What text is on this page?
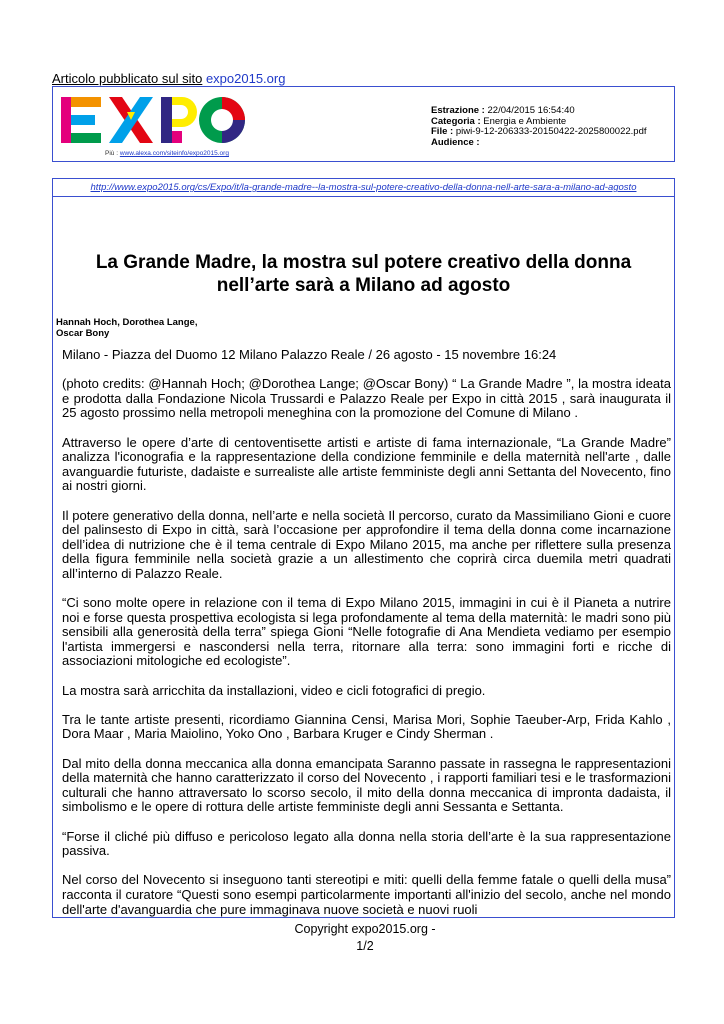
Articolo pubblicato sul sito expo2015.org
Più : www.alexa.com/siteinfo/expo2015.org
Estrazione : 22/04/2015 16:54:40
Categoria : Energia e Ambiente
File : piwi-9-12-206333-20150422-2025800022.pdf
Audience :
http://www.expo2015.org/cs/Expo/it/la-grande-madre--la-mostra-sul-potere-creativo-della-donna-nell-arte-sara-a-milano-ad-agosto
La Grande Madre, la mostra sul potere creativo della donna
nell’arte sarà a Milano ad agosto
Hannah Hoch, Dorothea Lange,
Oscar Bony

Milano - Piazza del Duomo 12 Milano Palazzo Reale / 26 agosto - 15 novembre 16:24

(photo credits: @Hannah Hoch; @Dorothea Lange; @Oscar Bony) “ La Grande Madre ”, la mostra ideata e prodotta dalla Fondazione Nicola Trussardi e Palazzo Reale per Expo in città 2015 , sarà inaugurata il 25 agosto prossimo nella metropoli meneghina con la promozione del Comune di Milano .

Attraverso le opere d’arte di centoventisette artisti e artiste di fama internazionale, “La Grande Madre” analizza l'iconografia e la rappresentazione della condizione femminile e della maternità nell'arte , dalle avanguardie futuriste, dadaiste e surrealiste alle artiste femministe degli anni Settanta del Novecento, fino ai nostri giorni.

Il potere generativo della donna, nell’arte e nella società Il percorso, curato da Massimiliano Gioni e cuore del palinsesto di Expo in città, sarà l’occasione per approfondire il tema della donna come incarnazione dell’idea di nutrizione che è il tema centrale di Expo Milano 2015, ma anche per riflettere sulla presenza della figura femminile nella società grazie a un allestimento che coprirà circa duemila metri quadrati all’interno di Palazzo Reale.

“Ci sono molte opere in relazione con il tema di Expo Milano 2015, immagini in cui è il Pianeta a nutrire noi e forse questa prospettiva ecologista si lega profondamente al tema della maternità: le madri sono più sensibili alla generosità della terra” spiega Gioni “Nelle fotografie di Ana Mendieta vediamo per esempio l'artista immergersi e nascondersi nella terra, ritornare alla terra: sono immagini forti e ricche di associazioni mitologiche ed ecologiste”.

La mostra sarà arricchita da installazioni, video e cicli fotografici di pregio.

Tra le tante artiste presenti, ricordiamo Giannina Censi, Marisa Mori, Sophie Taeuber-Arp, Frida Kahlo , Dora Maar , Maria Maiolino, Yoko Ono , Barbara Kruger e Cindy Sherman .

Dal mito della donna meccanica alla donna emancipata Saranno passate in rassegna le rappresentazioni della maternità che hanno caratterizzato il corso del Novecento , i rapporti familiari tesi e le trasformazioni culturali che hanno attraversato lo scorso secolo, il mito della donna meccanica di impronta dadaista, il simbolismo e le opere di rottura delle artiste femministe degli anni Sessanta e Settanta.

“Forse il cliché più diffuso e pericoloso legato alla donna nella storia dell’arte è la sua rappresentazione passiva.

Nel corso del Novecento si inseguono tanti stereotipi e miti: quelli della femme fatale o quelli della musa” racconta il curatore “Questi sono esempi particolarmente importanti all'inizio del secolo, anche nel mondo dell'arte d'avanguardia che pure immaginava nuove società e nuovi ruoli

Copyright expo2015.org -
1/2
